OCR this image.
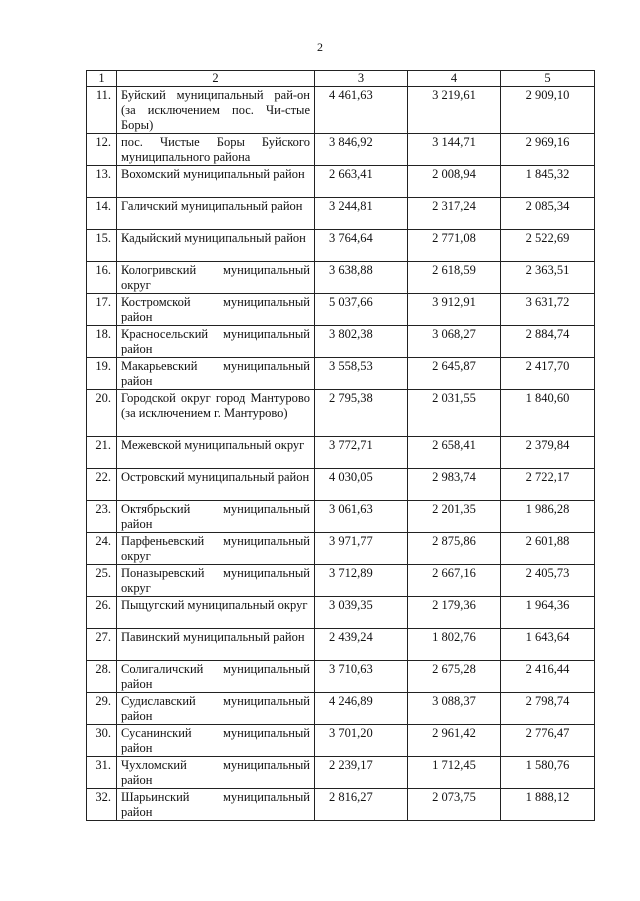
2
1	2	3	4	5
11.	Буйский муниципальный рай-он (за исключением пос. Чи-стые Боры)	4 461,63	3 219,61	2 909,10
12.	пос. Чистые Боры Буйского муниципального района	3 846,92	3 144,71	2 969,16
13.	Вохомский муниципальный район	2 663,41	2 008,94	1 845,32
14.	Галичский муниципальный район	3 244,81	2 317,24	2 085,34
15.	Кадыйский муниципальный район	3 764,64	2 771,08	2 522,69
16.	Кологривский муниципальный округ	3 638,88	2 618,59	2 363,51
17.	Костромской муниципальный район	5 037,66	3 912,91	3 631,72
18.	Красносельский муниципальный район	3 802,38	3 068,27	2 884,74
19.	Макарьевский муниципальный район	3 558,53	2 645,87	2 417,70
20.	Городской округ город Мантурово (за исключением г. Мантурово)	2 795,38	2 031,55	1 840,60
21.	Межевской муниципальный округ	3 772,71	2 658,41	2 379,84
22.	Островский муниципальный район	4 030,05	2 983,74	2 722,17
23.	Октябрьский муниципальный район	3 061,63	2 201,35	1 986,28
24.	Парфеньевский муниципальный округ	3 971,77	2 875,86	2 601,88
25.	Поназыревский муниципальный округ	3 712,89	2 667,16	2 405,73
26.	Пыщугский муниципальный округ	3 039,35	2 179,36	1 964,36
27.	Павинский муниципальный район	2 439,24	1 802,76	1 643,64
28.	Солигаличский муниципальный район	3 710,63	2 675,28	2 416,44
29.	Судиславский муниципальный район	4 246,89	3 088,37	2 798,74
30.	Сусанинский муниципальный район	3 701,20	2 961,42	2 776,47
31.	Чухломский муниципальный район	2 239,17	1 712,45	1 580,76
32.	Шарьинский муниципальный район	2 816,27	2 073,75	1 888,12
